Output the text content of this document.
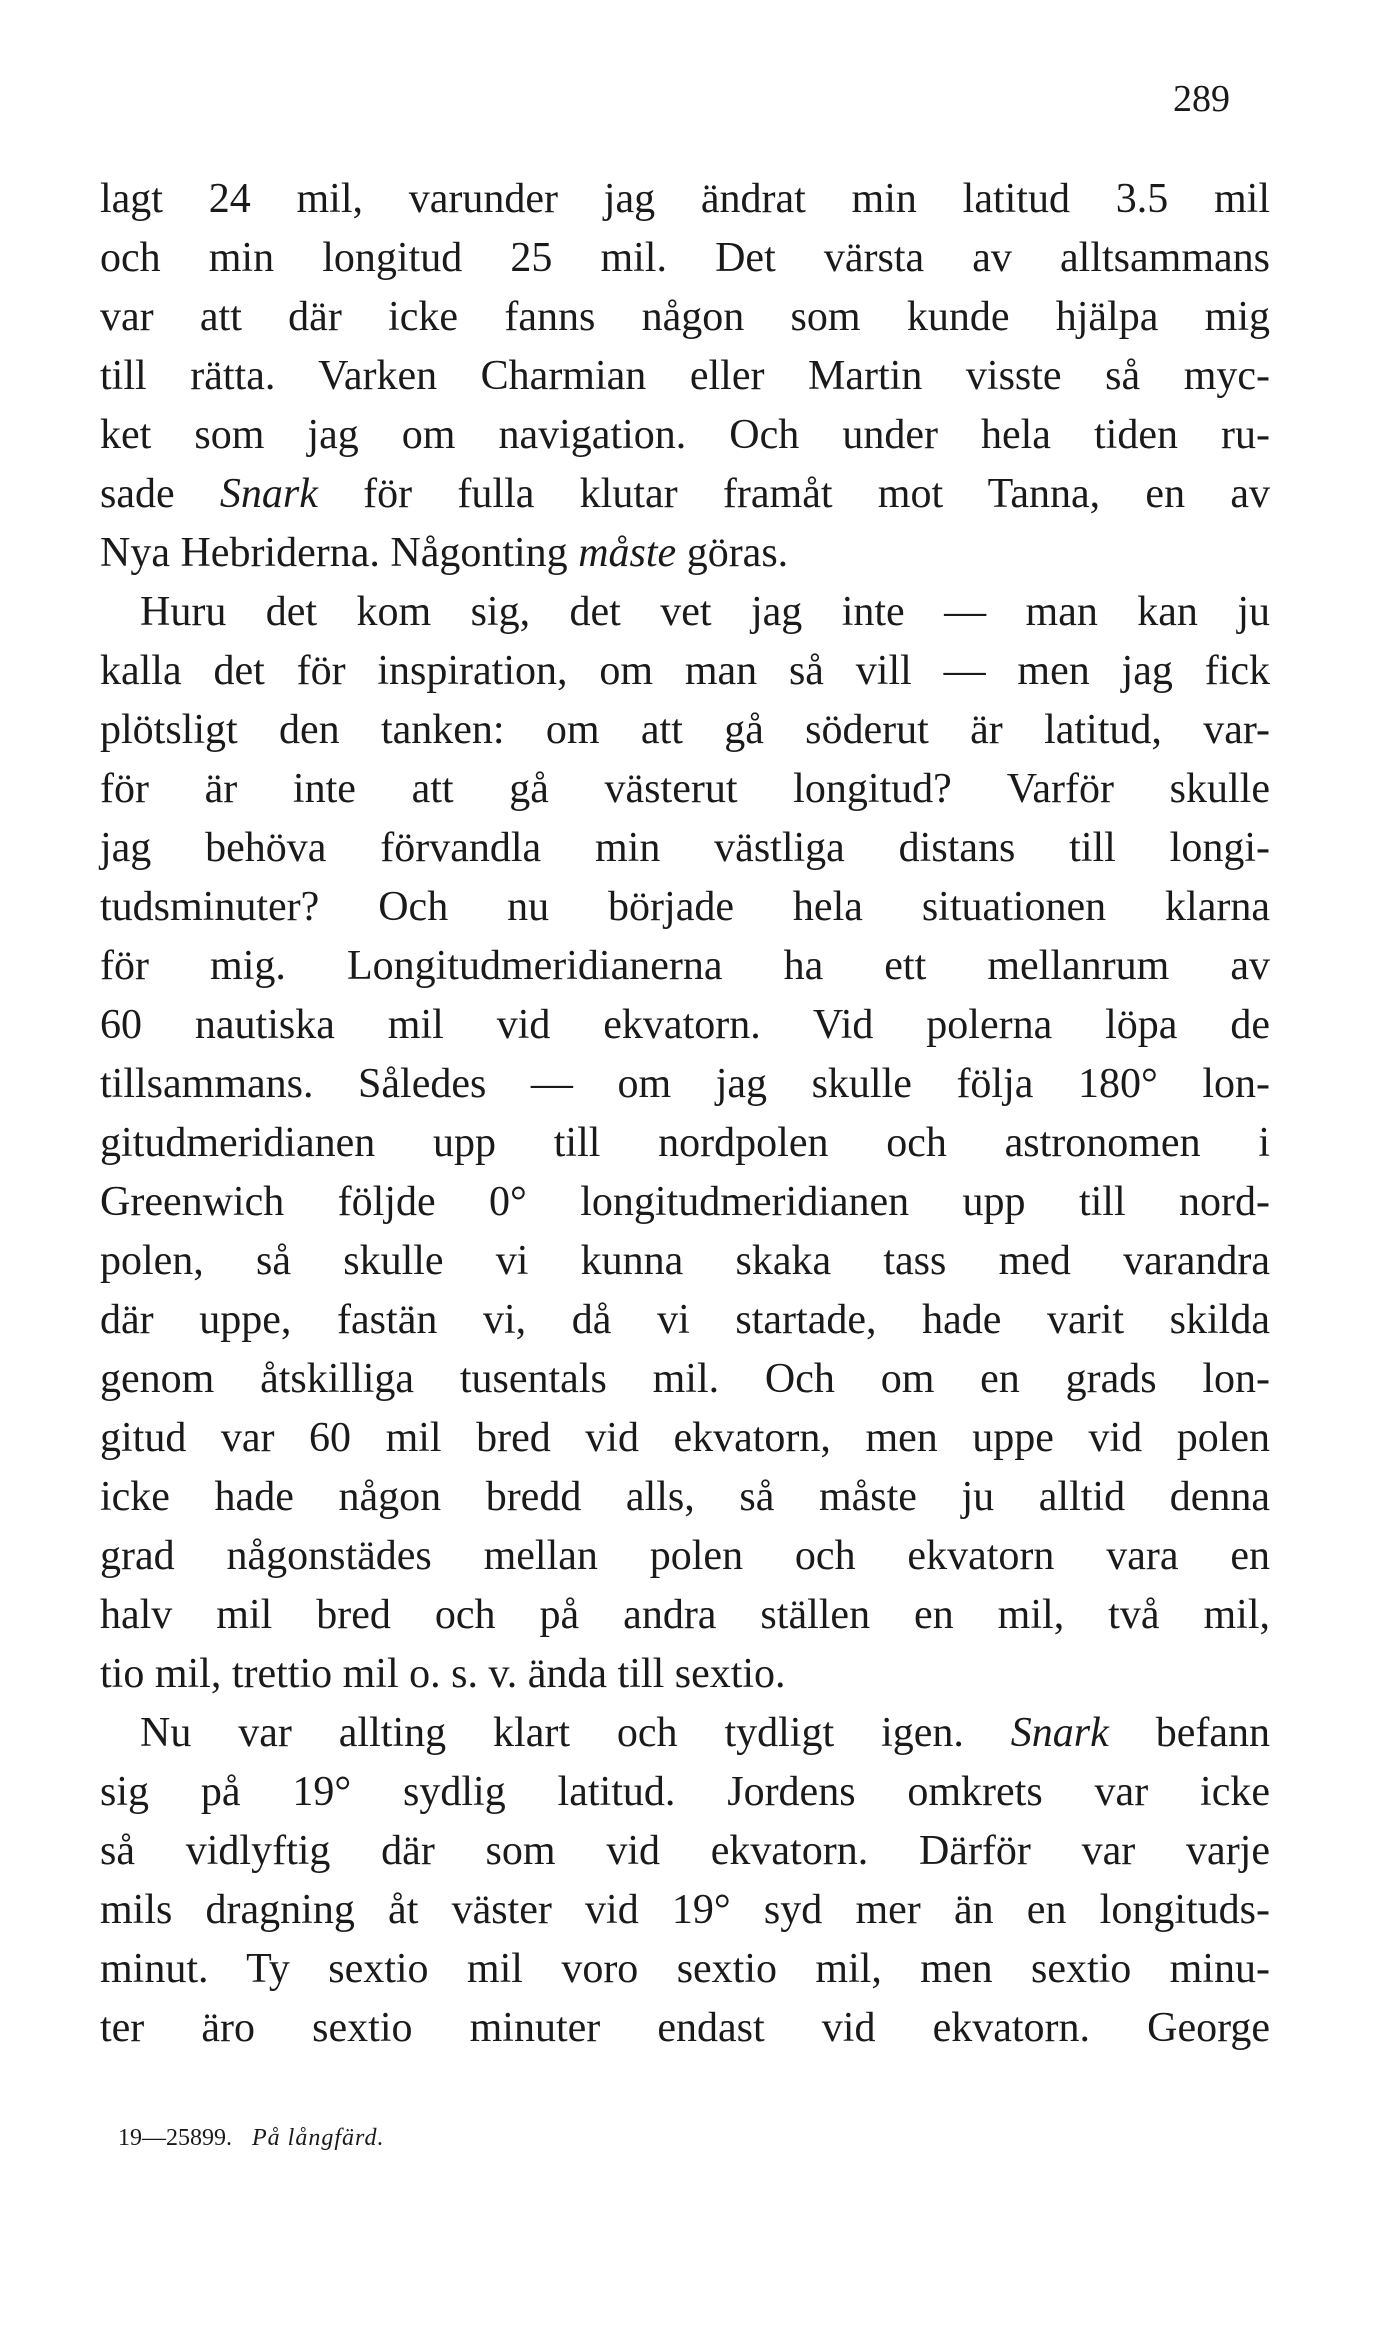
289
lagt 24 mil, varunder jag ändrat min latitud 3.5 mil
och min longitud 25 mil. Det värsta av alltsammans
var att där icke fanns någon som kunde hjälpa mig
till rätta. Varken Charmian eller Martin visste så myc-
ket som jag om navigation. Och under hela tiden ru-
sade Snark för fulla klutar framåt mot Tanna, en av
Nya Hebriderna. Någonting måste göras.
Huru det kom sig, det vet jag inte — man kan ju
kalla det för inspiration, om man så vill — men jag fick
plötsligt den tanken: om att gå söderut är latitud, var-
för är inte att gå västerut longitud? Varför skulle
jag behöva förvandla min västliga distans till longi-
tudsminuter? Och nu började hela situationen klarna
för mig. Longitudmeridianerna ha ett mellanrum av
60 nautiska mil vid ekvatorn. Vid polerna löpa de
tillsammans. Således — om jag skulle följa 180° lon-
gitudmeridianen upp till nordpolen och astronomen i
Greenwich följde 0° longitudmeridianen upp till nord-
polen, så skulle vi kunna skaka tass med varandra
där uppe, fastän vi, då vi startade, hade varit skilda
genom åtskilliga tusentals mil. Och om en grads lon-
gitud var 60 mil bred vid ekvatorn, men uppe vid polen
icke hade någon bredd alls, så måste ju alltid denna
grad någonstädes mellan polen och ekvatorn vara en
halv mil bred och på andra ställen en mil, två mil,
tio mil, trettio mil o. s. v. ända till sextio.
Nu var allting klart och tydligt igen. Snark befann
sig på 19° sydlig latitud. Jordens omkrets var icke
så vidlyftig där som vid ekvatorn. Därför var varje
mils dragning åt väster vid 19° syd mer än en longituds-
minut. Ty sextio mil voro sextio mil, men sextio minu-
ter äro sextio minuter endast vid ekvatorn. George
19—25899. På långfärd.
